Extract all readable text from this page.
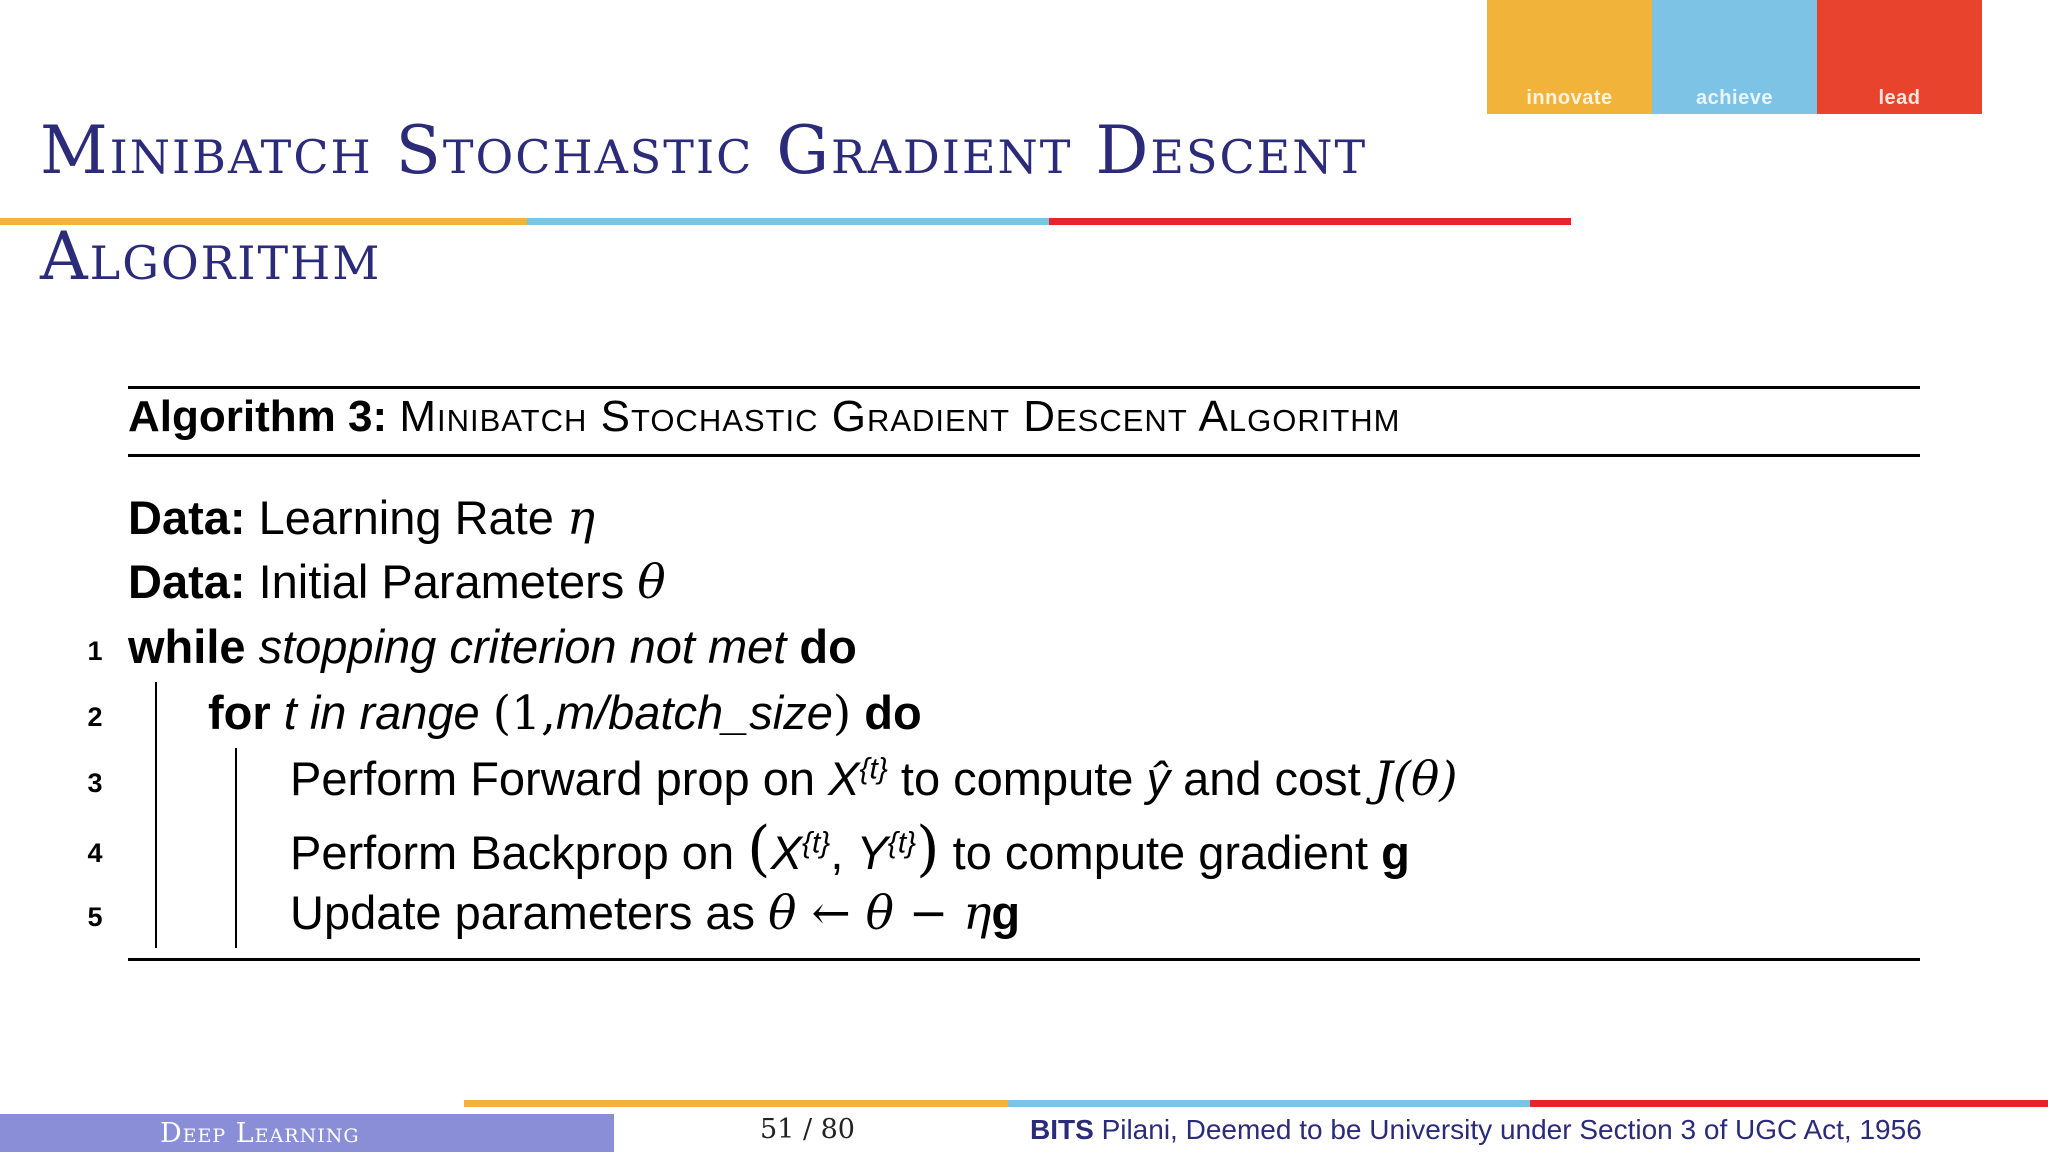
innovate	achieve	lead
Minibatch Stochastic Gradient Descent Algorithm
Algorithm 3: Minibatch Stochastic Gradient Descent Algorithm
Data: Learning Rate η
Data: Initial Parameters θ
1 while stopping criterion not met do
2 for t in range (1,m/batch_size) do
3	Perform Forward prop on $X^{\{t\}}$ to compute ŷ and cost J(θ)
4	Perform Backprop on ($X^{\{t\}}$, $Y^{\{t\}}$) to compute gradient g
5	Update parameters as θ ← θ − ηg
Deep Learning	51 / 80	BITS Pilani, Deemed to be University under Section 3 of UGC Act, 1956
